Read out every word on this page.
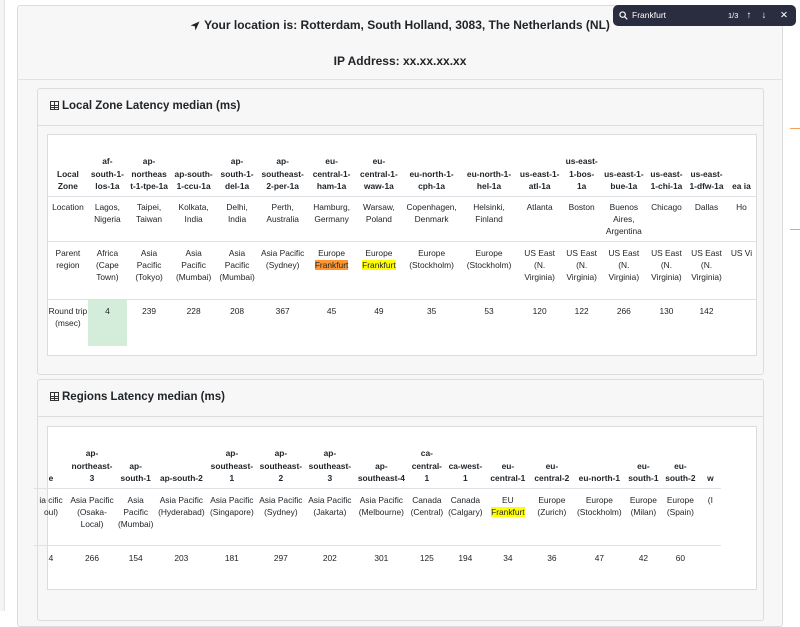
Your location is: Rotterdam, South Holland, 3083, The Netherlands (NL)
IP Address: xx.xx.xx.xx
Local Zone Latency median (ms)
Local Zone	af-south-1-los-1a	ap-northeast-1-tpe-1a	ap-south-1-ccu-1a	ap-south-1-del-1a	ap-southeast-2-per-1a	eu-central-1-ham-1a	eu-central-1-waw-1a	eu-north-1-cph-1a	eu-north-1-hel-1a	us-east-1-atl-1a	us-east-1-bos-1a	us-east-1-bue-1a	us-east-1-chi-1a	us-east-1-dfw-1a	ea ia
Location	Lagos, Nigeria	Taipei, Taiwan	Kolkata, India	Delhi, India	Perth, Australia	Hamburg, Germany	Warsaw, Poland	Copenhagen, Denmark	Helsinki, Finland	Atlanta	Boston	Buenos Aires, Argentina	Chicago	Dallas	Ho
Parent region	Africa (Cape Town)	Asia Pacific (Tokyo)	Asia Pacific (Mumbai)	Asia Pacific (Mumbai)	Asia Pacific (Sydney)	Europe Frankfurt	Europe Frankfurt	Europe (Stockholm)	Europe (Stockholm)	US East (N. Virginia)	US East (N. Virginia)	US East (N. Virginia)	US East (N. Virginia)	US East (N. Virginia)	US Vi
Round trip (msec)	4	239	228	208	367	45	49	35	53	120	122	266	130	142	
Regions Latency median (ms)
e	ap-northeast-3	ap-south-1	ap-south-2	ap-southeast-1	ap-southeast-2	ap-southeast-3	ap-southeast-4	ca-central-1	ca-west-1	eu-central-1	eu-central-2	eu-north-1	eu-south-1	eu-south-2	w
ia cific oul)	Asia Pacific (Osaka-Local)	Asia Pacific (Mumbai)	Asia Pacific (Hyderabad)	Asia Pacific (Singapore)	Asia Pacific (Sydney)	Asia Pacific (Jakarta)	Asia Pacific (Melbourne)	Canada (Central)	Canada (Calgary)	EU Frankfurt	Europe (Zurich)	Europe (Stockholm)	Europe (Milan)	Europe (Spain)	(I
4	266	154	203	181	297	202	301	125	194	34	36	47	42	60	
Frankfurt	1/3 ↑	↓	✕
